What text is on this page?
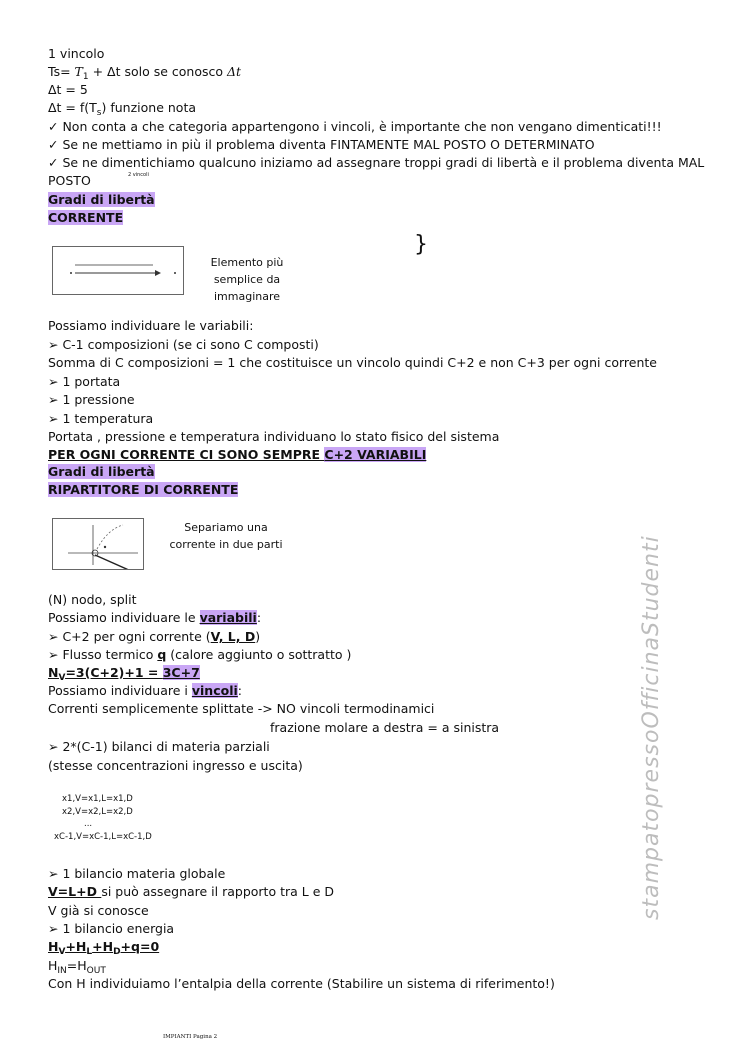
1 vincolo
$Ts= T_1 + \Delta t$ solo se conosco Δt
Δt = 5
$\Delta t = f(T_s)$ funzione nota
✓ Non conta a che categoria appartengono i vincoli, è importante che non vengano dimenticati!!!
✓ Se ne mettiamo in più il problema diventa FINTAMENTE MAL POSTO O DETERMINATO
✓ Se ne dimentichiamo qualcuno iniziamo ad assegnare troppi gradi di libertà e il problema diventa MAL
POSTO	2 vincoli
Gradi di libertà
CORRENTE
Elemento più semplice da immaginare
}
Possiamo individuare le variabili:
➢ C-1 composizioni (se ci sono C composti)
Somma di C composizioni = 1 che costituisce un vincolo quindi C+2 e non C+3 per ogni corrente
➢ 1 portata
➢ 1 pressione
➢ 1 temperatura
Portata , pressione e temperatura individuano lo stato fisico del sistema
PER OGNI CORRENTE CI SONO SEMPRE C+2 VARIABILI
Gradi di libertà
RIPARTITORE DI CORRENTE
Separiamo una corrente in due parti
(N) nodo, split
Possiamo individuare le variabili:
➢ C+2 per ogni corrente (V, L, D)
➢ Flusso termico q (calore aggiunto o sottratto )
$N_V=3(C+2)+1 = 3C+7$
Possiamo individuare i vincoli:
Correnti semplicemente splittate -> NO vincoli termodinamici
frazione molare a destra = a sinistra
➢ 2*(C-1) bilanci di materia parziali
(stesse concentrazioni ingresso e uscita)
x1,V=x1,L=x1,D
x2,V=x2,L=x2,D
...
xC-1,V=xC-1,L=xC-1,D
➢ 1 bilancio materia globale
V=L+D si può assegnare il rapporto tra L e D
V già si conosce
➢ 1 bilancio energia
$H_V+H_L+H_D+q=0$
$H_{IN}=H_{OUT}$
Con H individuiamo l’entalpia della corrente (Stabilire un sistema di riferimento!)
stampatopressoOfficinaStudenti
IMPIANTI Pagina 2
